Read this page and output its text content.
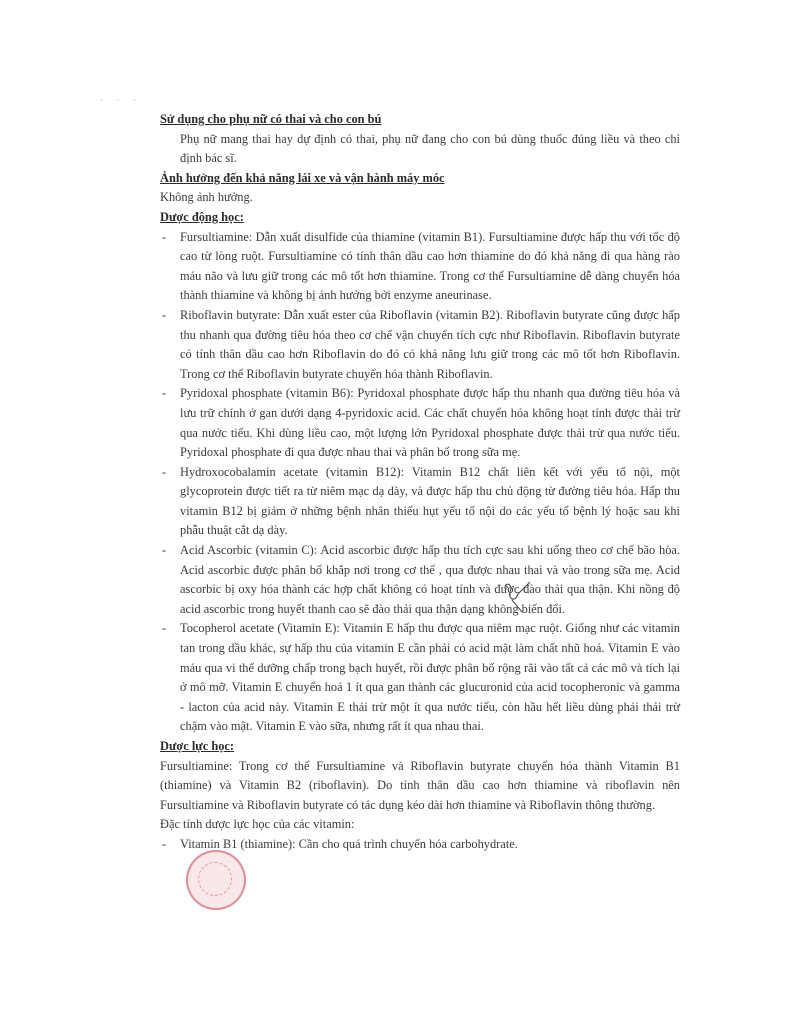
· · ·

Sử dụng cho phụ nữ có thai và cho con bú

Phụ nữ mang thai hay dự định có thai, phụ nữ đang cho con bú dùng thuốc đúng liều và theo chỉ định bác sĩ.

Ảnh hưởng đến khả năng lái xe và vận hành máy móc

Không ảnh hưởng.

Dược động học:

- Fursultiamine: Dẫn xuất disulfide của thiamine (vitamin B1). Fursultiamine được hấp thu với tốc độ cao từ lòng ruột. Fursultiamine có tính thân dầu cao hơn thiamine do đó khả năng đi qua hàng rào máu não và lưu giữ trong các mô tốt hơn thiamine. Trong cơ thể Fursultiamine dễ dàng chuyển hóa thành thiamine và không bị ảnh hưởng bởi enzyme aneurinase.
- Riboflavin butyrate: Dẫn xuất ester của Riboflavin (vitamin B2). Riboflavin butyrate cũng được hấp thu nhanh qua đường tiêu hóa theo cơ chế vận chuyển tích cực như Riboflavin. Riboflavin butyrate có tính thân dầu cao hơn Riboflavin do đó có khả năng lưu giữ trong các mô tốt hơn Riboflavin. Trong cơ thể Riboflavin butyrate chuyển hóa thành Riboflavin.
- Pyridoxal phosphate (vitamin B6): Pyridoxal phosphate được hấp thu nhanh qua đường tiêu hóa và lưu trữ chính ở gan dưới dạng 4-pyridoxic acid. Các chất chuyển hóa không hoạt tính được thải trừ qua nước tiểu. Khi dùng liều cao, một lượng lớn Pyridoxal phosphate được thải trừ qua nước tiểu. Pyridoxal phosphate đi qua được nhau thai và phân bố trong sữa mẹ.
- Hydroxocobalamin acetate (vitamin B12): Vitamin B12 chất liên kết với yếu tố nội, một glycoprotein được tiết ra từ niêm mạc dạ dày, và được hấp thu chủ động từ đường tiêu hóa. Hấp thu vitamin B12 bị giảm ở những bệnh nhân thiếu hụt yếu tố nội do các yếu tố bệnh lý hoặc sau khi phẫu thuật cắt dạ dày.
- Acid Ascorbic (vitamin C): Acid ascorbic được hấp thu tích cực sau khi uống theo cơ chế bão hòa. Acid ascorbic được phân bố khắp nơi trong cơ thể , qua được nhau thai và vào trong sữa mẹ. Acid ascorbic bị oxy hóa thành các hợp chất không có hoạt tính và được đào thải qua thận. Khi nồng độ acid ascorbic trong huyết thanh cao sẽ đào thải qua thận dạng không biến đổi.
- Tocopherol acetate (Vitamin E): Vitamin E hấp thu được qua niêm mạc ruột. Giống như các vitamin tan trong dầu khác, sự hấp thu của vitamin E cần phải có acid mật làm chất nhũ hoá. Vitamin E vào máu qua vi thể dưỡng chấp trong bạch huyết, rồi được phân bố rộng rãi vào tất cả các mô và tích lại ở mô mỡ. Vitamin E chuyển hoá 1 ít qua gan thành các glucuronid của acid tocopheronic và gamma - lacton của acid này. Vitamin E thải trừ một ít qua nước tiểu, còn hầu hết liều dùng phải thải trừ chậm vào mật. Vitamin E vào sữa, nhưng rất ít qua nhau thai.

Dược lực học:

Fursultiamine: Trong cơ thể Fursultiamine và Riboflavin butyrate chuyển hóa thành Vitamin B1 (thiamine) và Vitamin B2 (riboflavin). Do tính thân dầu cao hơn thiamine và riboflavin nên Fursultiamine và Riboflavin butyrate có tác dụng kéo dài hơn thiamine và Riboflavin thông thường.

Đặc tính dược lực học của các vitamin:

- Vitamin B1 (thiamine): Cần cho quá trình chuyển hóa carbohydrate.
